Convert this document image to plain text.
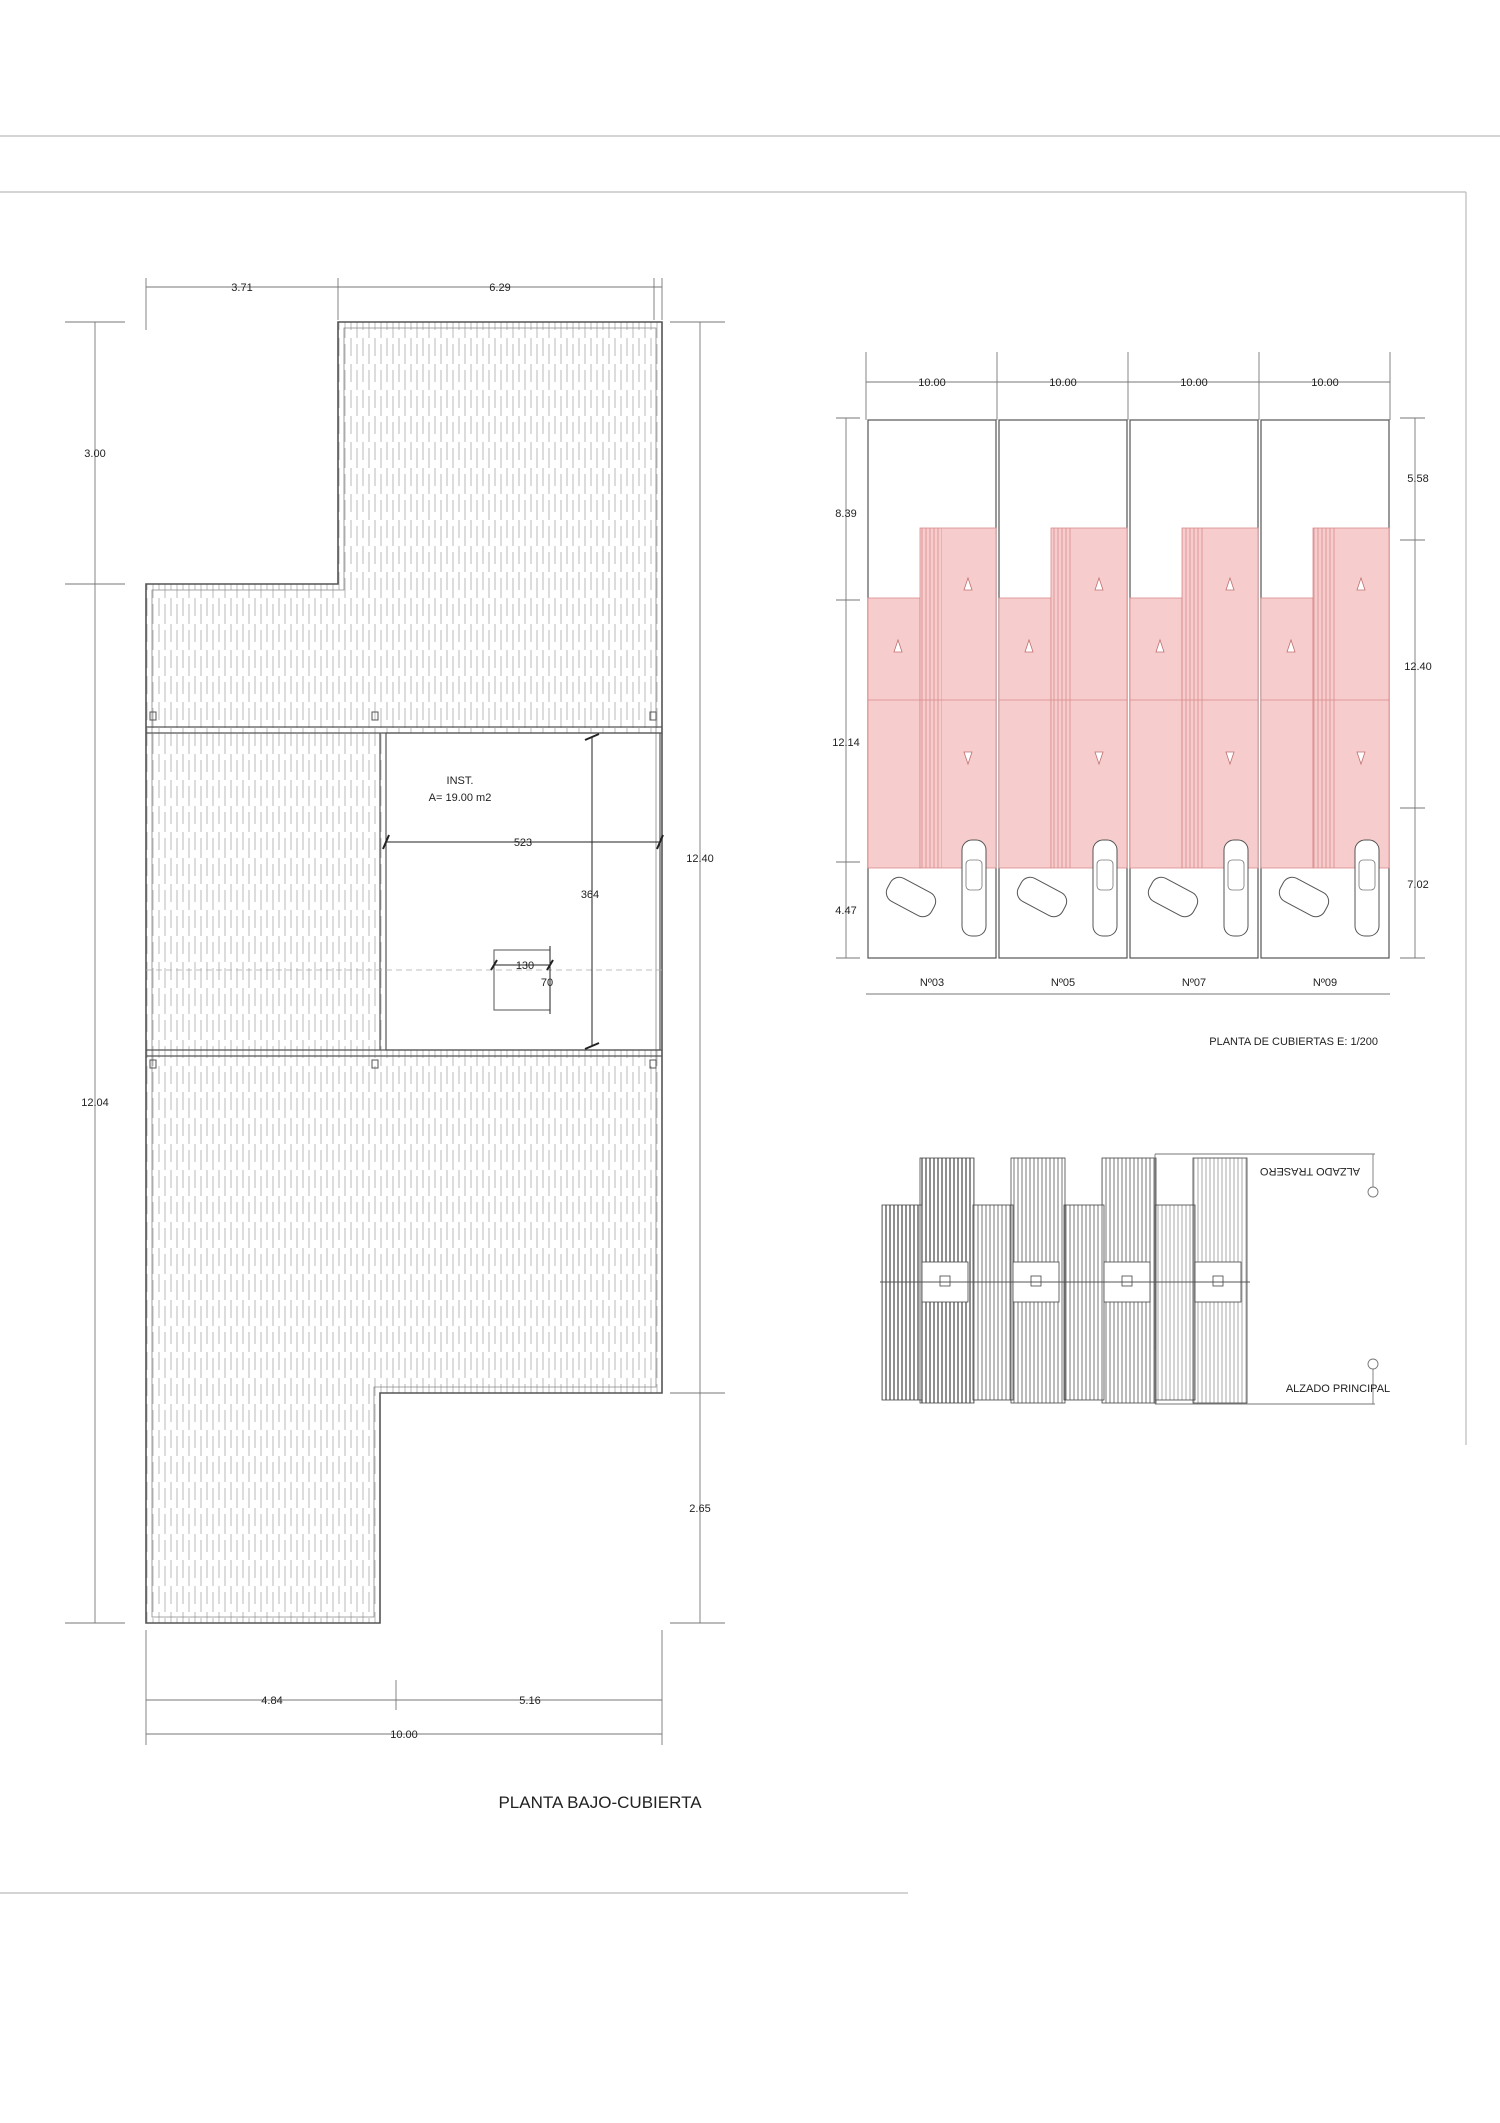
INST.
A= 19.00 m2
523
364
130
70
3.71	6.29
3.00
12.04
12.40
2.65
4.84	5.16
10.00
PLANTA BAJO-CUBIERTA
10.00	10.00	10.00	10.00
8.39
12.14
4.47
5.58
12.40
7.02
Nº03	Nº05	Nº07	Nº09
PLANTA DE CUBIERTAS E: 1/200
ALZADO TRASERO
ALZADO PRINCIPAL
